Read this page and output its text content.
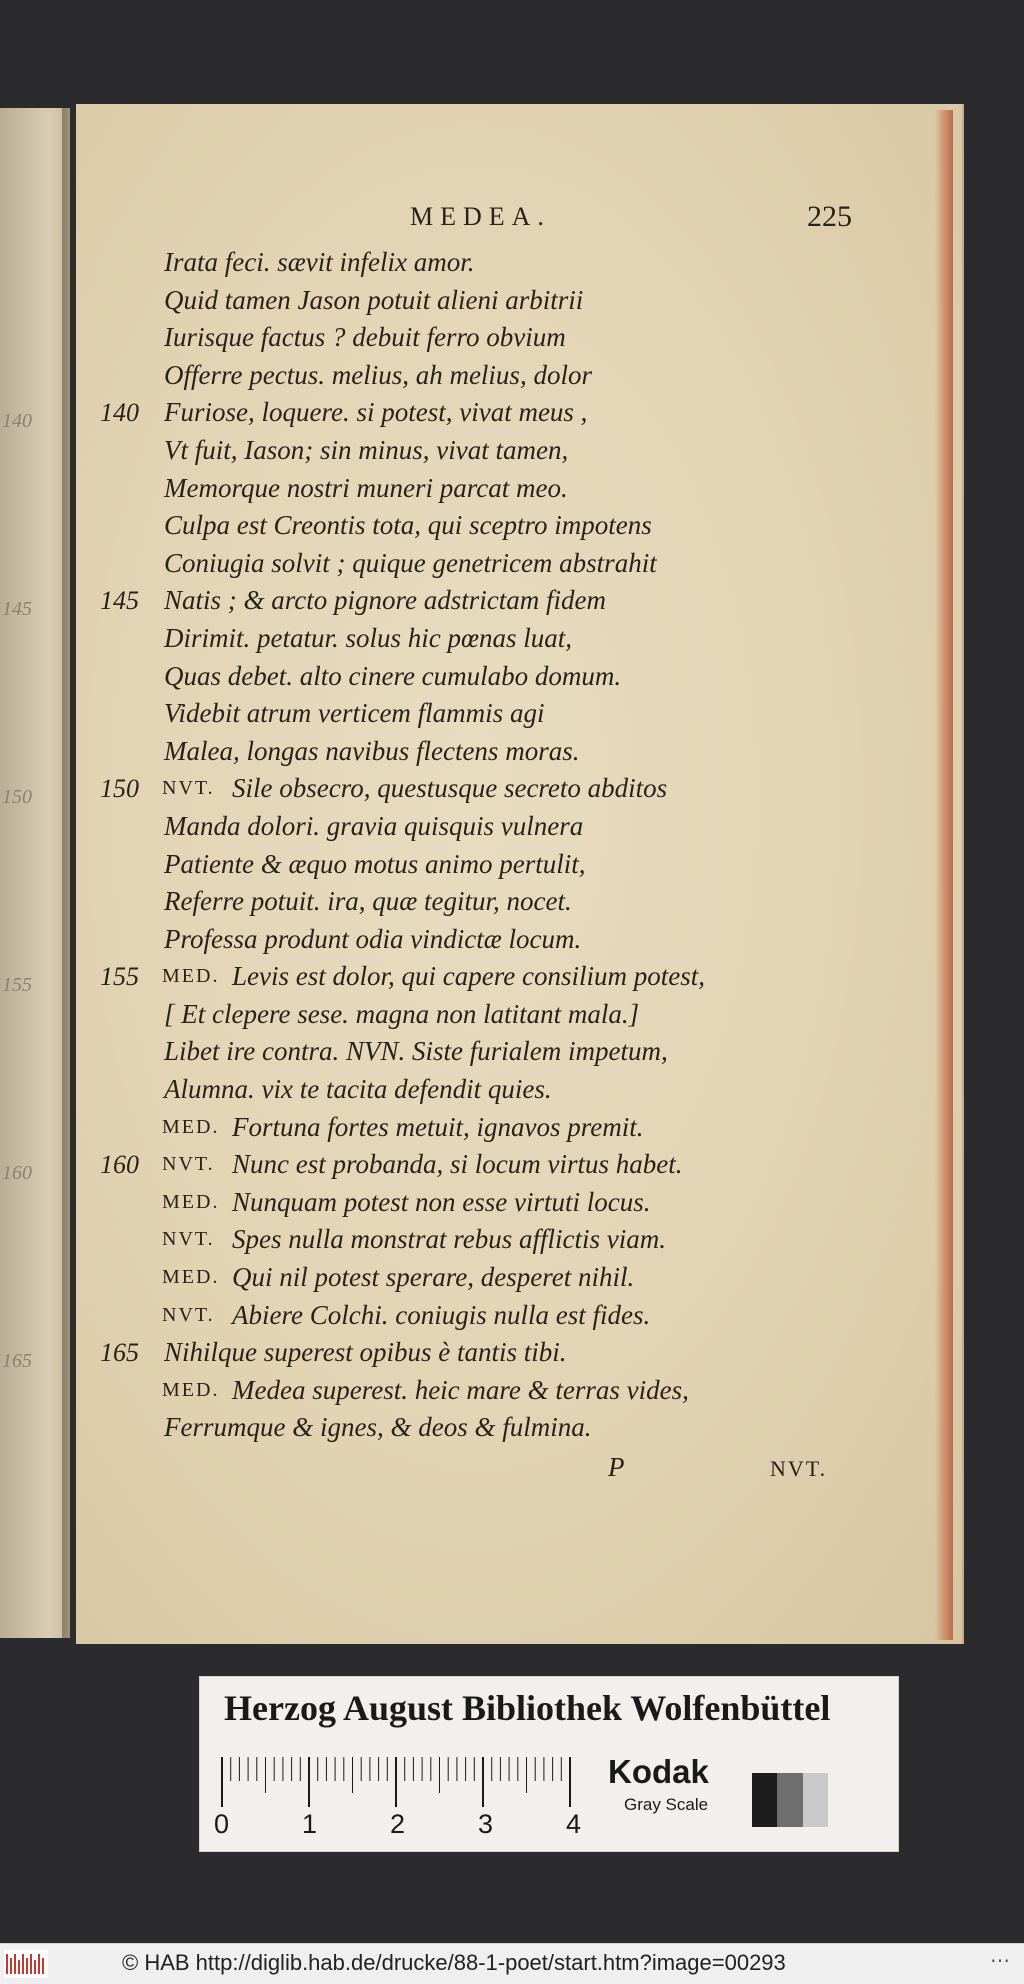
140
145
150
155
160
165
MEDEA.	225
Irata feci. sævit infelix amor.
Quid tamen Jason potuit alieni arbitrii
Iurisque factus ? debuit ferro obvium
Offerre pectus. melius, ah melius, dolor
140 Furiose, loquere. si potest, vivat meus ,
Vt fuit, Iason; sin minus, vivat tamen,
Memorque nostri muneri parcat meo.
Culpa est Creontis tota, qui sceptro impotens
Coniugia solvit ; quique genetricem abstrahit
145 Natis ; & arcto pignore adstrictam fidem
Dirimit. petatur. solus hic pœnas luat,
Quas debet. alto cinere cumulabo domum.
Videbit atrum verticem flammis agi
Malea, longas navibus flectens moras.
150	NVT. Sile obsecro, questusque secreto abditos
Manda dolori. gravia quisquis vulnera
Patiente & æquo motus animo pertulit,
Referre potuit. ira, quæ tegitur, nocet.
Professa produnt odia vindictæ locum.
155	MED. Levis est dolor, qui capere consilium potest,
[ Et clepere sese. magna non latitant mala.]
Libet ire contra. NVN. Siste furialem impetum,
Alumna. vix te tacita defendit quies.
MED. Fortuna fortes metuit, ignavos premit.
160	NVT. Nunc est probanda, si locum virtus habet.
MED. Nunquam potest non esse virtuti locus.
NVT. Spes nulla monstrat rebus afflictis viam.
MED. Qui nil potest sperare, desperet nihil.
NVT. Abiere Colchi. coniugis nulla est fides.
165 Nihilque superest opibus è tantis tibi.
MED. Medea superest. heic mare & terras vides,
Ferrumque & ignes, & deos & fulmina.
P	NVT.
Herzog August Bibliothek Wolfenbüttel
0	1	2	3	4
Kodak
Gray Scale
© HAB http://diglib.hab.de/drucke/88-1-poet/start.htm?image=00293	⋯
